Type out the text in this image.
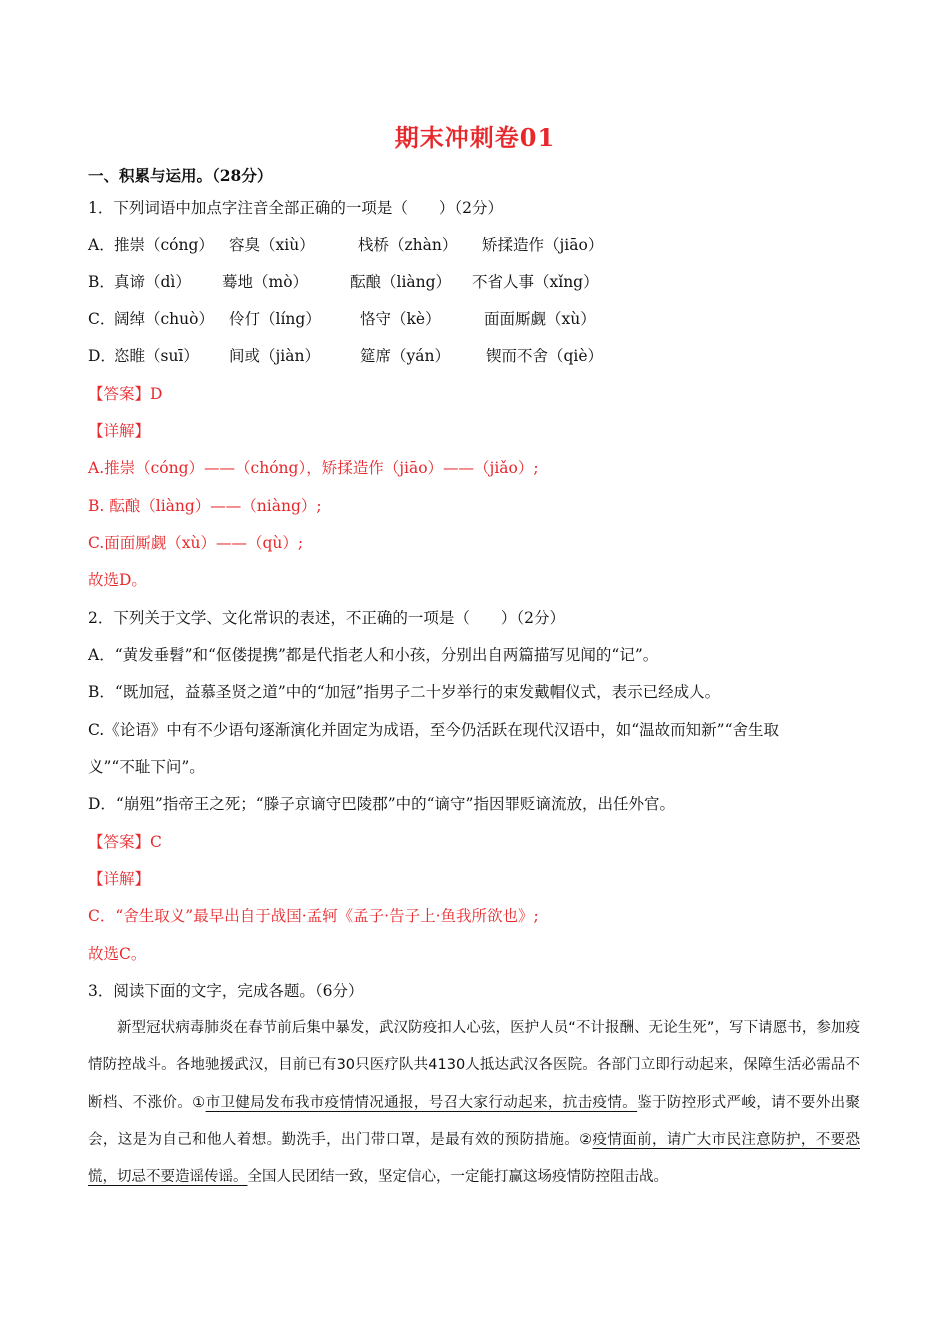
期末冲刺卷01
一、积累与运用。（28分）
1．下列词语中加点字注音全部正确的一项是（　　）（2分）
A． 推崇（cóng） 容臭（xiù）	栈桥（zhàn） 矫揉造作（jiāo）
B． 真谛（dì） 蓦地（mò）	酝酿（liàng） 不省人事（xǐng）
C．
阔绰（chuò） 伶仃（líng）	恪守（kè）	面面厮觑（xù）
D．
恣睢（suī） 间或（jiàn）	筵席（yán） 锲而不舍（qiè）
【答案】D
【详解】
A.推崇（cóng）——（chóng），矫揉造作（jiāo）——（jiǎo）;
B. 酝酿（liàng）——（niàng）;
C.面面厮觑（xù）——（qù）;
故选D。
2．下列关于文学、文化常识的表述，不正确的一项是（　　）（2分）
A．“黄发垂髫”和“伛偻提携”都是代指老人和小孩，分别出自两篇描写见闻的“记”。
B．“既加冠，益慕圣贤之道”中的“加冠”指男子二十岁举行的束发戴帽仪式，表示已经成人。
C.《论语》中有不少语句逐渐演化并固定为成语，至今仍活跃在现代汉语中，如“温故而知新”“舍生取
义”“不耻下问”。
D．“崩殂”指帝王之死；“滕子京谪守巴陵郡”中的“谪守”指因罪贬谪流放，出任外官。
【答案】C
【详解】
C．“舍生取义”最早出自于战国·孟轲《孟子·告子上·鱼我所欲也》;
故选C。
3．阅读下面的文字，完成各题。（6分）
新型冠状病毒肺炎在春节前后集中暴发，武汉防疫扣人心弦，医护人员“不计报酬、无论生死”，写下请愿书，参加疫情防控战斗。各地驰援武汉，目前已有30只医疗队共4130人抵达武汉各医院。各部门立即行动起来，保障生活必需品不断档、不涨价。①市卫健局发布我市疫情情况通报，号召大家行动起来，抗击疫情。鉴于防控形式严峻，请不要外出聚会，这是为自己和他人着想。勤洗手，出门带口罩，是最有效的预防措施。②疫情面前，请广大市民注意防护，不要恐慌，切忌不要造谣传谣。全国人民团结一致，坚定信心，一定能打赢这场疫情防控阻击战。
